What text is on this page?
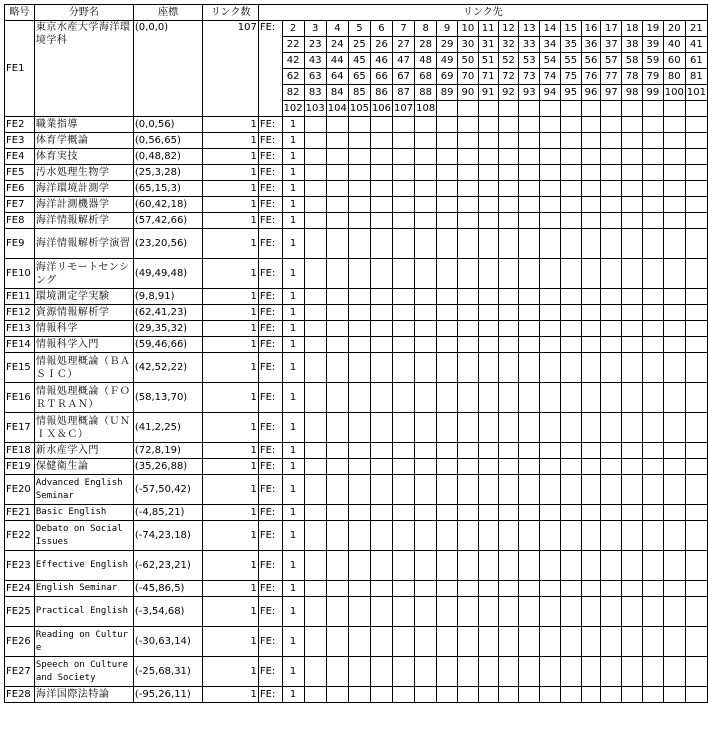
略号	分野名	座標	リンク数	リンク先																				
FE1	東京水産大学海洋環境学科	(0,0,0)	107	FE:	2	3	4	5	6	7	8	9	10	11	12	13	14	15	16	17	18	19	20	21
					22	23	24	25	26	27	28	29	30	31	32	33	34	35	36	37	38	39	40	41
					42	43	44	45	46	47	48	49	50	51	52	53	54	55	56	57	58	59	60	61
					62	63	64	65	66	67	68	69	70	71	72	73	74	75	76	77	78	79	80	81
					82	83	84	85	86	87	88	89	90	91	92	93	94	95	96	97	98	99	100	101
					102	103	104	105	106	107	108													
FE2	職業指導	(0,0,56)	1	FE:	1																			
FE3	体育学概論	(0,56,65)	1	FE:	1																			
FE4	体育実技	(0,48,82)	1	FE:	1																			
FE5	汚水処理生物学	(25,3,28)	1	FE:	1																			
FE6	海洋環境計測学	(65,15,3)	1	FE:	1																			
FE7	海洋計測機器学	(60,42,18)	1	FE:	1																			
FE8	海洋情報解析学	(57,42,66)	1	FE:	1																			
FE9	海洋情報解析学演習	(23,20,56)	1	FE:	1																			
FE10	海洋リモートセンシング	(49,49,48)	1	FE:	1																			
FE11	環境測定学実験	(9,8,91)	1	FE:	1																			
FE12	資源情報解析学	(62,41,23)	1	FE:	1																			
FE13	情報科学	(29,35,32)	1	FE:	1																			
FE14	情報科学入門	(59,46,66)	1	FE:	1																			
FE15	情報処理概論（ＢＡＳＩＣ）	(42,52,22)	1	FE:	1																			
FE16	情報処理概論（ＦＯＲＴＲＡＮ）	(58,13,70)	1	FE:	1																			
FE17	情報処理概論（ＵＮＩＸ＆Ｃ）	(41,2,25)	1	FE:	1																			
FE18	新水産学入門	(72,8,19)	1	FE:	1																			
FE19	保健衛生論	(35,26,88)	1	FE:	1																			
FE20	Advanced English Seminar	(-57,50,42)	1	FE:	1																			
FE21	Basic English	(-4,85,21)	1	FE:	1																			
FE22	Debato on Social Issues	(-74,23,18)	1	FE:	1																			
FE23	Effective English	(-62,23,21)	1	FE:	1																			
FE24	English Seminar	(-45,86,5)	1	FE:	1																			
FE25	Practical English	(-3,54,68)	1	FE:	1																			
FE26	Reading on Culture	(-30,63,14)	1	FE:	1																			
FE27	Speech on Culture and Society	(-25,68,31)	1	FE:	1																			
FE28	海洋国際法特論	(-95,26,11)	1	FE:	1																			
